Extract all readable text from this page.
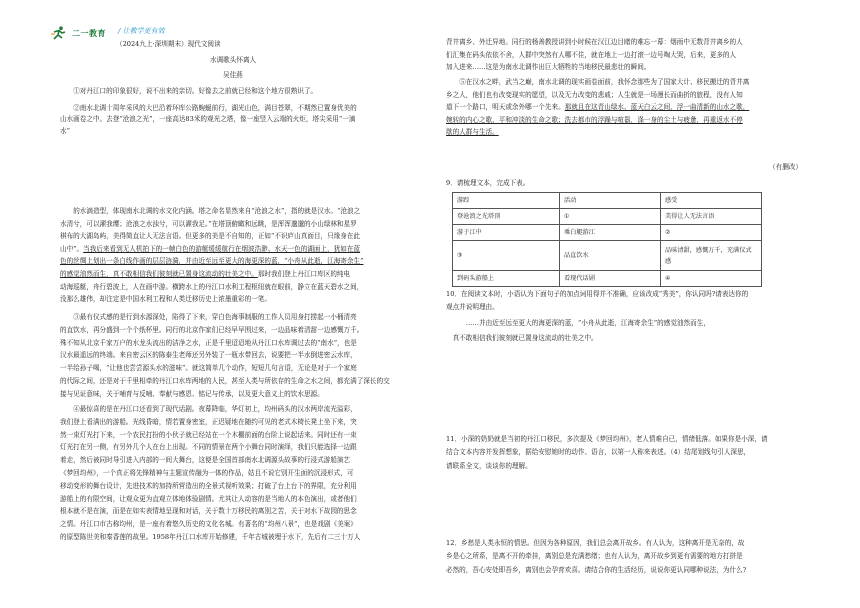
二一教育 / 让教学更有效
（2024九上·深圳期末）现代文阅读
水调歌头怀离人
吴佳燕

①对丹江口的印象很好，说不出来的亲切。好像去之前就已经和这个地方很熟识了。

②南水北调十周年采风的大巴沿着环库公路蜿蜒前行，湖光山色，满目苍翠，不期然已置身优美的

山水画卷之中。去登“沧浪之光”，一座高达83米的观光之塔，像一座竖入云端的火炬，塔尖采用“一滴

水”

的水滴造型，体现南水北调的水文化内涵。塔之命名显然来自“沧浪之水”，指的就是汉水。“沧浪之

水清兮，可以濯我缨；沧浪之水浊兮，可以濯我足。”在塔顶俯瞰和远眺，是浑浑邈邈的小山绿林和星罗

棋布的大湖岛屿，美得简直让人无法言语。但更多的美是不自知的，正如“不识庐山真面目，只缘身在此

山中”。当我后来看到无人机拍下的一帧白色的游艇缓缓航行在烟波浩渺、水天一色的湖面上，犹如在蓝

色的丝绸上划出一条白线作画的层层涟漪，并由近至远至更大的海更深的蓝，“小舟从此逝，江海寄余生”

的感觉油然而生，真不敢相信我们彼刻就已置身这流动的壮美之中。那时我们登上丹江口库区的纯电

动海巡艇，舟行碧波上，人在画中游。横跨水上的丹江口水利工程枢纽就在眼前，静立在蓝天碧水之间，

没那么雄伟，却注定是中国水利工程和人类迁移历史上浓墨重彩的一笔。

③最有仪式感的是行到水源深处，陷得了下来，穿白色海事制服的工作人员用身打捞起一小桶清亮

的直饮水，再分盛到一个个纸杯里。同行的北京作家们已经早早围过来，一边品味着清甜一边感慨万千。

殊不知从北京千家万户的水龙头流出的洁净之水，正是千里迢迢地从丹江口水库调过去的“南水”，也是

汉水最遥远的终端。来自密云区的陈泰生老师还另外装了一瓶水带回去，说要把一半水倒进密云水库，

一半给孙子喝，“让他也尝尝源头水的滋味”。就这简单几个动作，短短几句言语，无论是对于一个家庭

的代际之间，还是对于千里相牵的丹江口水库两地的人民，甚至人类与所依存的生命之水之间，都充满了深长的交

接与见证意味，关于哺育与反哺、奉献与感恩、铭记与传承，以及更大意义上的饮水思源。

④最惊喜的是在丹江口还看到了现代话剧。夜幕降临，华灯初上，均州码头的汉水两岸流光溢彩，

我们登上看满出的游船。光线昏暗，情若置身密室，正迟疑地在随约可见的老式木椅长凳上坐下来，突

然一束灯光打下来，一个农民打扮的小伙子就已经站在一个木棚前面的台阶上说起话来。同时还有一束

灯光打在另一侧，有另外几个人在台上出现。不同的情景在两个小舞台同时演绎，我们只能选择一边跟

着走，然后被同时导引进入内部的一间大舞台，这便是全国首部南水北调源头故事的行浸式游船演艺

《梦回均州》，一个真正将先锋精神与主题宣传融为一体的作品，姑且不说它别开生面的沉浸形式，可

移动变形的舞台设计，先进技术的加持所营造出的全景式视听效果；打破了台上台下的界限，充分利用

游船上的有限空间，让观众更为直观立体地体验剧情。尤其让人动容的是当地人的本色演出，或者他们

根本就不是在演，而是在如实表情地呈现和对话，关于数十万移民的离别之苦，关于对水下故园的思念

之情。丹江口市古称均州，是一座有着悠久历史的文化名城。有著名的“均州八景”，也是戏剧《美案》

的原型陈世美和秦香莲的故里。1958年丹江口水库开始修建，千年古城被埋于水下，先后有二三十万人

背井离乡、外迁异地。同行的杨善教授讲到小时候在汉江边目睹的难忘一幕：烟雨中无数背井离乡的人

们汇集在码头依依不舍，人群中突然有人哪不住，就在地上一边打滚一边号啕大哭，后来，更多的人

加入进来……这是为南水北调作出巨大牺牲的当地移民最悲壮的瞬间。

⑤在汉水之畔，武当之巅，南水北调的现实画卷面前，我怀念那些为了国家大计、移民搬迁的背井离

乡之人，他们也有改变现实的愿望，以及无力改变的悲戚；人生就是一场漫长而曲折的旅程，没有人知

道下一个路口，明天或余外哪一个先来。那就且在这青山绿水、蓝天白云之间，浮一曲清新的山水之歌，

婉转的内心之歌、平和冲淡的生命之歌；洗去都市的浮躁与喧嚣，涤一身的尘土与疲惫，再重返水不停

歇的人群与生活。

（有删改）

9．请梳理文本，完成下表。
游踪	活动	感受
登沧浪之光塔顶	①	美得让人无法言语
游于江中	乘白艇游江	②
③	品直饮水	品味清甜，感慨万千，充满仪式感
到码头游船上	看现代话剧	④

10．在阅读文本时，小语认为下面句子的加点词用得并不准确，应该改成“秀美”，你认同吗?请表达你的

观点并说明理由。

……并由近至远至更大的海更深的蓝，“小舟从此逝，江海寄余生”的感觉油然而生，

真不敢相信我们彼刻就已置身这流动的壮美之中。

11．小深的奶奶就是当初的丹江口移民，多次提及《梦回均州》，老人情难自已，情绪低落。如果你是小深，请

结合文本内容并发挥想象，据给安慰她时的动作、语言，以第一人称来表述。（4）结尾划线句引人深思，

请联系全文，谈谈你的理解。

12．乡愁是人类永恒的情思。但因为各种原因，我们总会离开故乡。有人认为，这种离开是无奈的，故

乡是心之所系，是离不开的牵挂，离别总是充满愁绪；也有人认为，离开故乡到更有需要的地方打拼是

必然的，吾心安处即吾乡，离别也会孕育欢喜。请结合你的生活经历，说说你更认同哪种说法，为什么?
